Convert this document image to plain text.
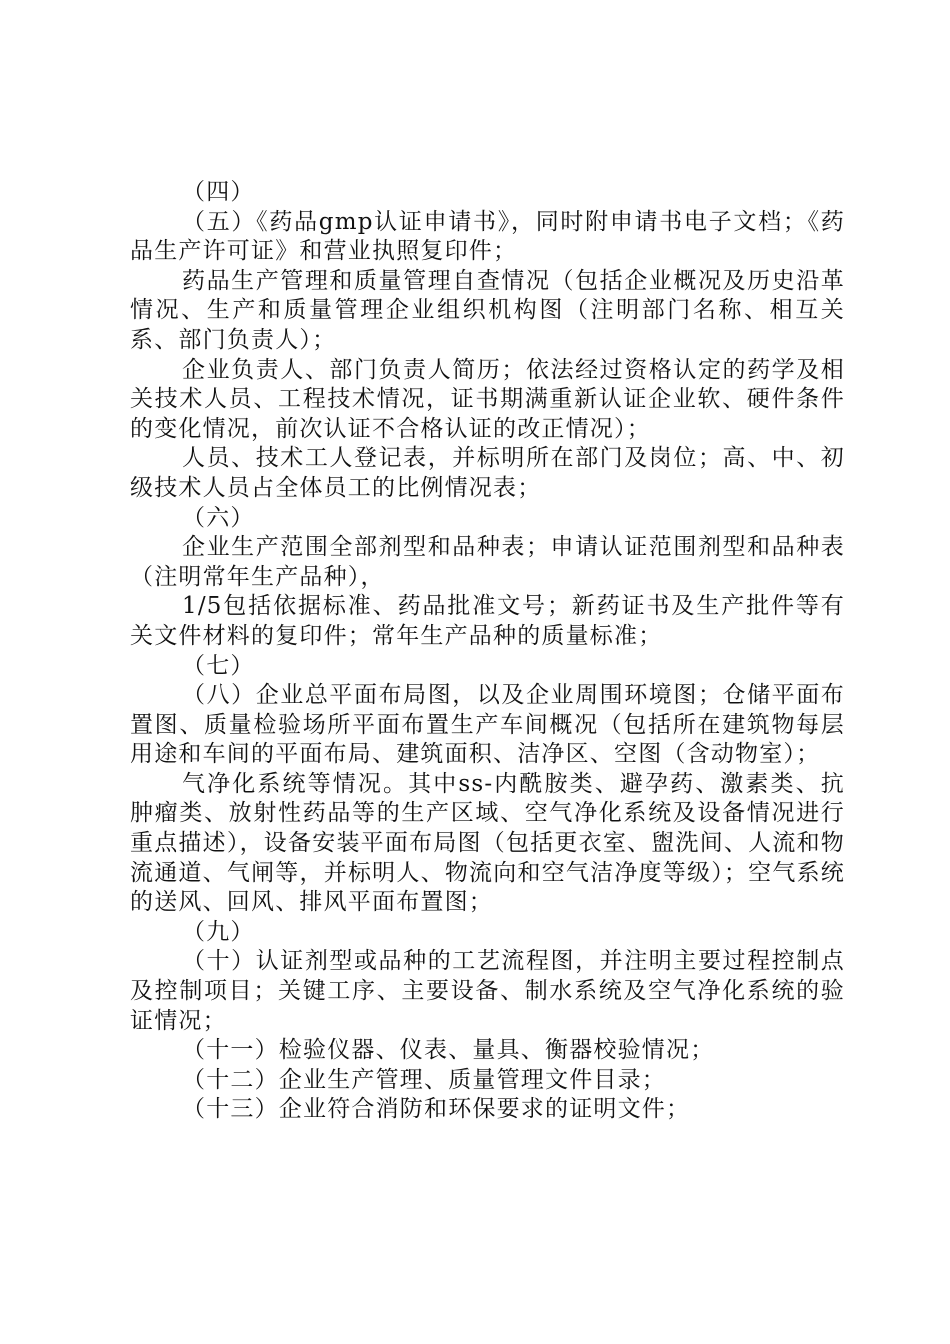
（四）

（五）《药品gmp认证申请书》，同时附申请书电子文档；《药品生产许可证》和营业执照复印件；

药品生产管理和质量管理自查情况（包括企业概况及历史沿革情况、生产和质量管理企业组织机构图（注明部门名称、相互关系、部门负责人）；

企业负责人、部门负责人简历；依法经过资格认定的药学及相关技术人员、工程技术情况，证书期满重新认证企业软、硬件条件的变化情况，前次认证不合格认证的改正情况）；

人员、技术工人登记表，并标明所在部门及岗位；高、中、初级技术人员占全体员工的比例情况表；

（六）

企业生产范围全部剂型和品种表；申请认证范围剂型和品种表（注明常年生产品种），

1/5包括依据标准、药品批准文号；新药证书及生产批件等有关文件材料的复印件；常年生产品种的质量标准；

（七）

（八）企业总平面布局图，以及企业周围环境图；仓储平面布置图、质量检验场所平面布置生产车间概况（包括所在建筑物每层用途和车间的平面布局、建筑面积、洁净区、空图（含动物室）；

气净化系统等情况。其中ss-内酰胺类、避孕药、激素类、抗肿瘤类、放射性药品等的生产区域、空气净化系统及设备情况进行重点描述），设备安装平面布局图（包括更衣室、盥洗间、人流和物流通道、气闸等，并标明人、物流向和空气洁净度等级）；空气系统的送风、回风、排风平面布置图；

（九）

（十）认证剂型或品种的工艺流程图，并注明主要过程控制点及控制项目；关键工序、主要设备、制水系统及空气净化系统的验证情况；

（十一）检验仪器、仪表、量具、衡器校验情况；

（十二）企业生产管理、质量管理文件目录；

（十三）企业符合消防和环保要求的证明文件；
